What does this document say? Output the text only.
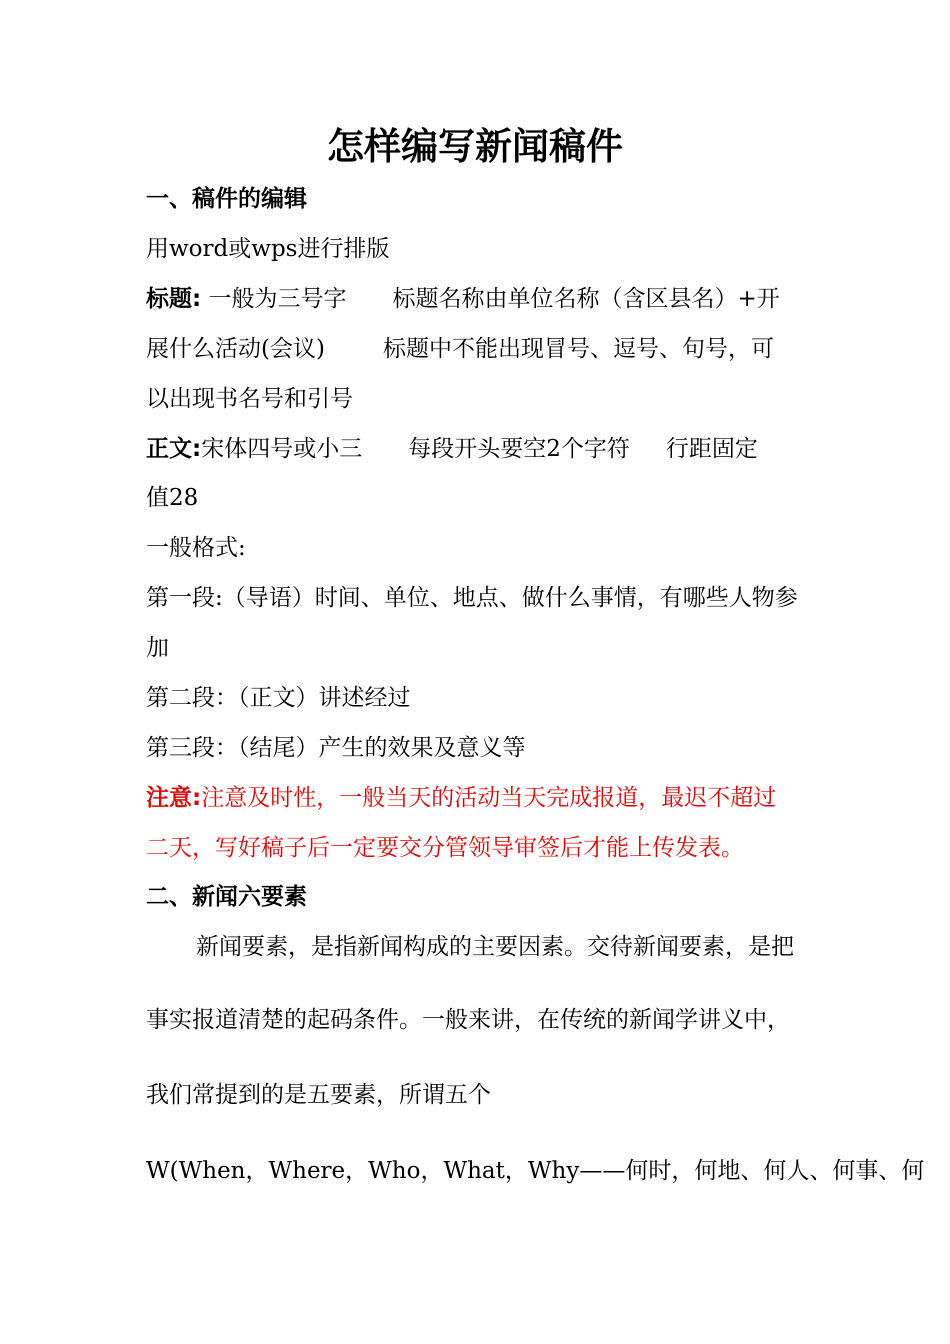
怎样编写新闻稿件
一、稿件的编辑
用word或wps进行排版
标题: 一般为三号字 标题名称由单位名称（含区县名）+开
展什么活动(会议)	标题中不能出现冒号、逗号、句号，可
以出现书名号和引号
正文:宋体四号或小三 每段开头要空2个字符 行距固定
值28
一般格式:
第一段:（导语）时间、单位、地点、做什么事情，有哪些人物参
加
第二段：（正文）讲述经过
第三段：（结尾）产生的效果及意义等
注意:注意及时性，一般当天的活动当天完成报道，最迟不超过
二天，写好稿子后一定要交分管领导审签后才能上传发表。
二、新闻六要素
新闻要素，是指新闻构成的主要因素。交待新闻要素，是把
事实报道清楚的起码条件。一般来讲，在传统的新闻学讲义中，
我们常提到的是五要素，所谓五个
W(When，Where，Who，What，Why——何时，何地、何人、何事、何
